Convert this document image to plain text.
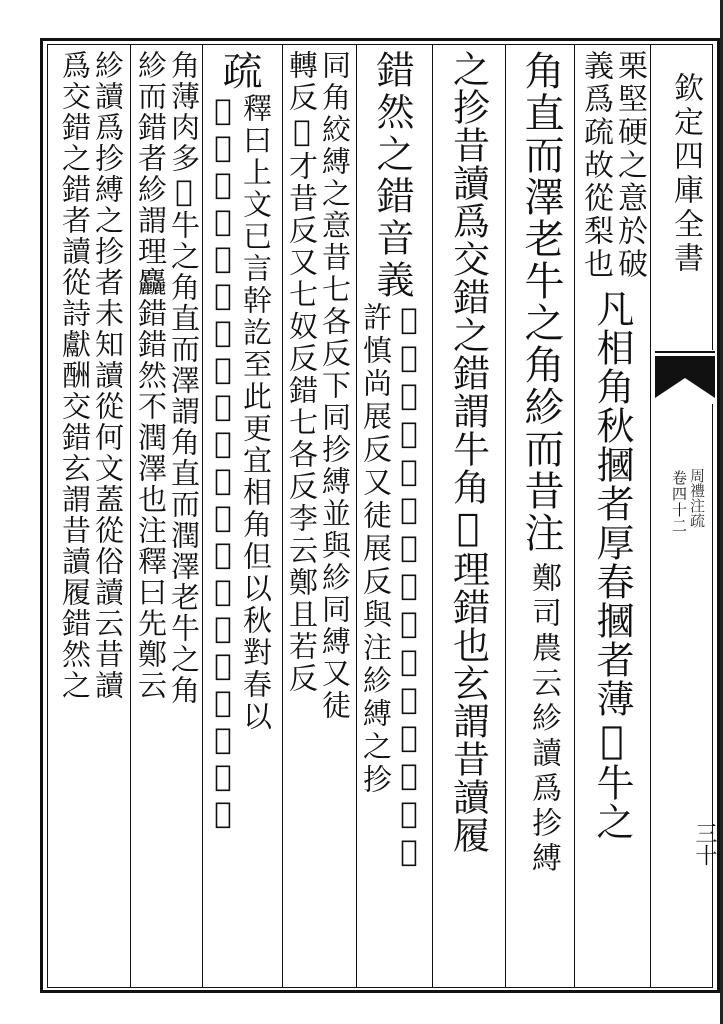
欽定四庫全書
卷四十二 周禮注疏
三十
栗堅硬之意於破
義爲疏故從梨也
凡相角秋摑者厚春摑者薄𤛓牛之
角直而澤老牛之角紾而昔注
鄭司農云紾讀爲抮縛
之抮昔讀爲交錯之錯謂牛角𤛓理錯也玄謂昔讀履
錯然之錯音義
𤛓色界反劉色倒反下同紾劉徒展反
許慎尚展反又徒展反與注紾縛之抮
同角絞縛之意昔七各反下同抮縛並與紾同縛又徒
轉反𤛓才昔反又七奴反錯七各反李云鄭且若反
疏
釋曰上文已言幹訖至此更宜相角但以秋對春以
𤛓對老而言之秋摑者厚謂角厚肉少春摑者薄謂
角薄肉多𤛓牛之角直而澤謂角直而潤澤老牛之角
紾而錯者紾謂理麤錯錯然不潤澤也注釋曰先鄭云
紾讀爲抮縛之抮者未知讀從何文蓋從俗讀云昔讀
爲交錯之錯者讀從詩獻酬交錯玄謂昔讀履錯然之
